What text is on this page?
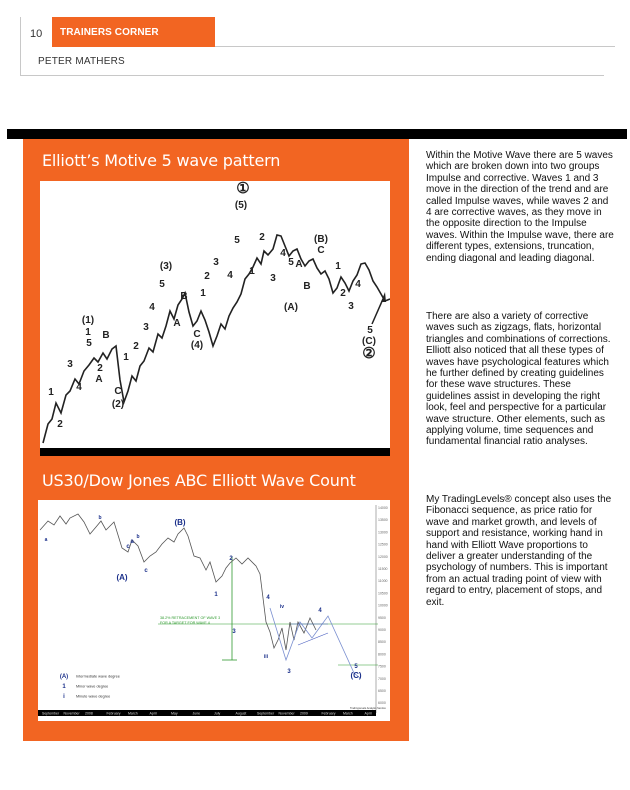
10	TRAINERS CORNER
PETER MATHERS
Elliott’s Motive 5 wave pattern
US30/Dow Jones ABC Elliott Wave Count
1
2
3
4
5
(1)
1
2
A
B
C
(2)
1
2
3
4
5
(3)
A
B
C
(4)
1
2
3
4
5
(5)
①
1
2
3
4
5
(A)
A
B
C
(B)
1
2
3
4
5
(C)
②
14000
13500
13000
12500
12000
11500
11000
10500
10000
9500
9000
8500
8000
7500
7000
6500
6000
September November 2008	February March	April	May	June	July	August	September November 2009	February March	April
38.2% RETRACEMENT OF WAVE 3
FOR A TARGET FOR WAVE 4
a
b
c
(A)
a
b
c
(B)
2
1
3
4
iii
iv
3
4
5
(C)
(A) Intermediate wave degree
1	Minor wave degree
i	Minute wave degree
TradingLevels Analysis Service
Within the Motive Wave there are 5 waves which are broken down into two groups Impulse and corrective. Waves 1 and 3 move in the direction of the trend and are called Impulse waves, while waves 2 and 4 are corrective waves, as they move in the opposite direction to the Impulse waves. Within the Impulse wave, there are different types, extensions, truncation, ending diagonal and leading diagonal.
There are also a variety of corrective waves such as zigzags, flats, horizontal triangles and combinations of corrections. Elliott also noticed that all these types of waves have psychological features which he further defined by creating guidelines for these wave structures. These guidelines assist in developing the right look, feel and perspective for a particular wave structure. Other elements, such as applying volume, time sequences and fundamental financial ratio analyses.
My TradingLevels® concept also uses the Fibonacci sequence, as price ratio for wave and market growth, and levels of support and resistance, working hand in hand with Elliott Wave proportions to deliver a greater understanding of the psychology of numbers. This is important from an actual trading point of view with regard to entry, placement of stops, and exit.
